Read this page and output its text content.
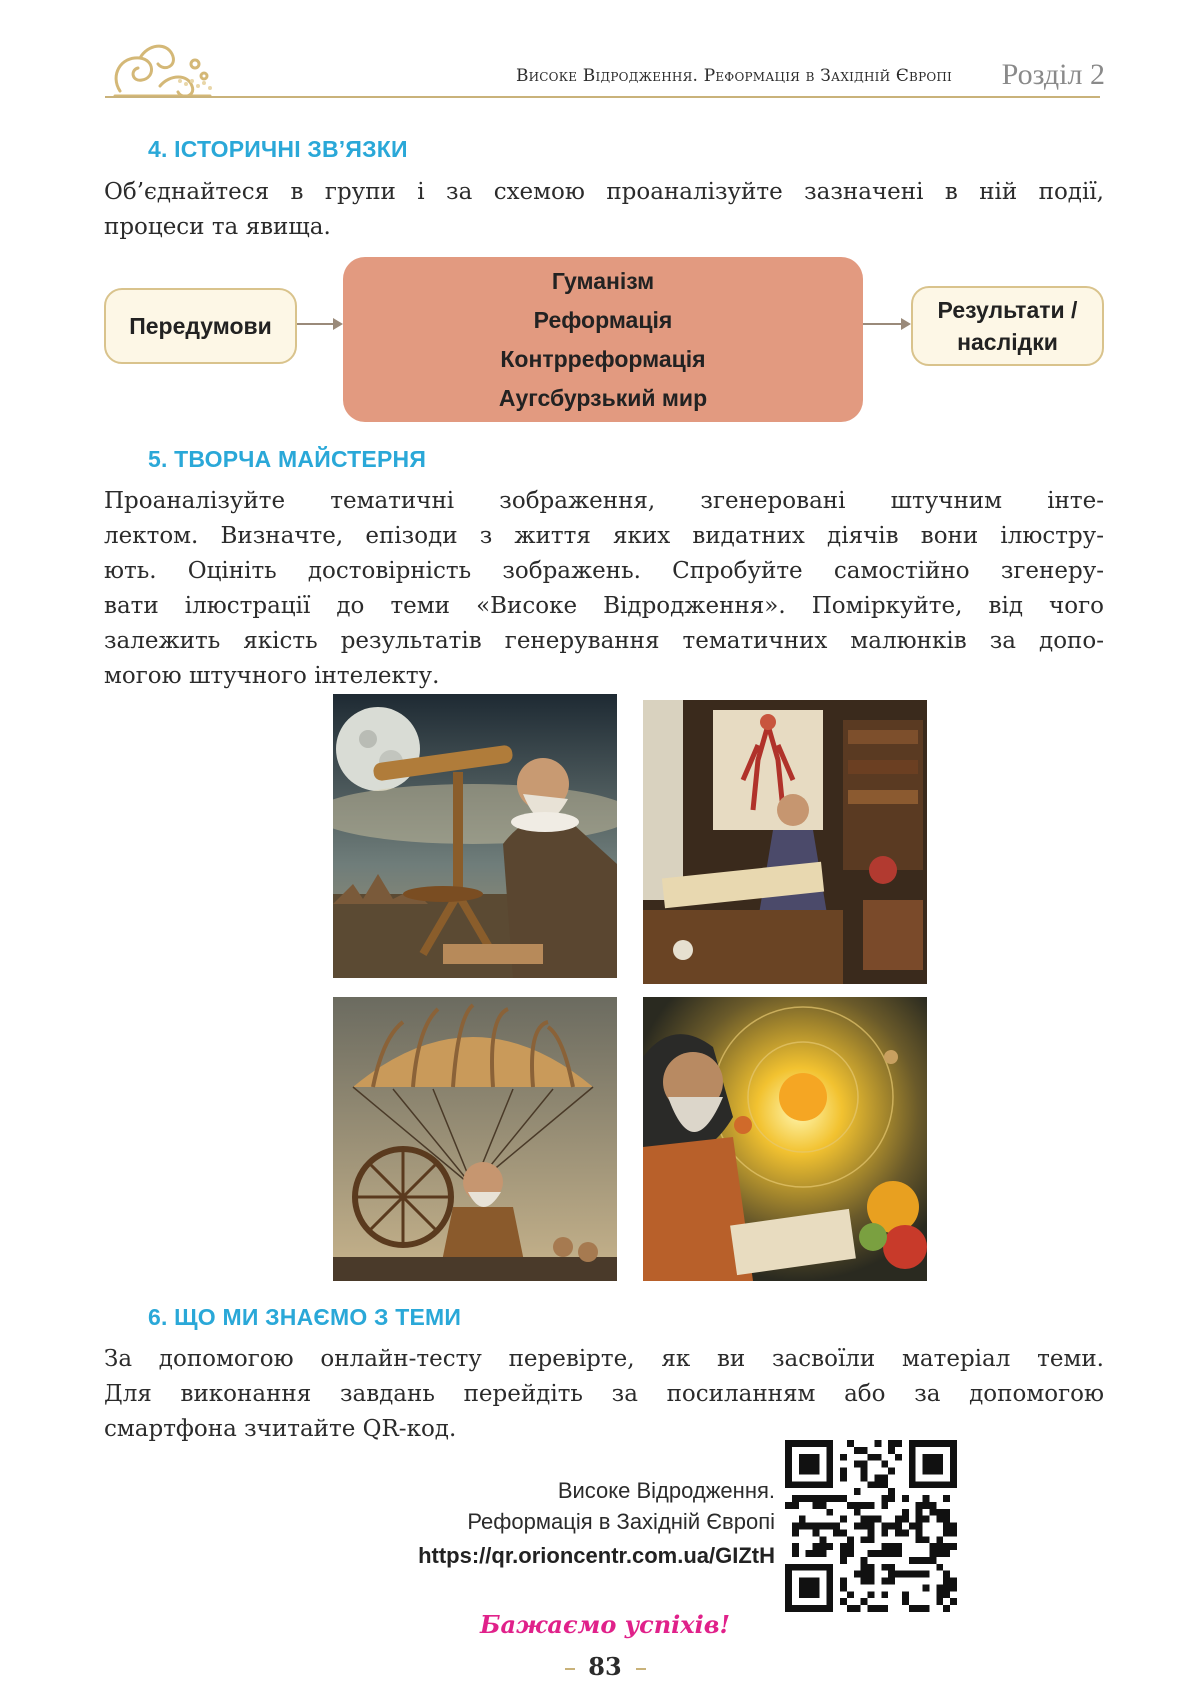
Високе Відродження. Реформація в Західній Європі	Розділ 2
4. ІСТОРИЧНІ ЗВ’ЯЗКИ
Об’єднайтеся в групи і за схемою проаналізуйте зазначені в ній події,
процеси та явища.
Передумови
Гуманізм
Реформація
Контрреформація
Аугсбурзький мир
Результати /
наслідки
5. ТВОРЧА МАЙСТЕРНЯ
Проаналізуйте тематичні зображення, згенеровані штучним інте-
лектом. Визначте, епізоди з життя яких видатних діячів вони ілюстру-
ють. Оцініть достовірність зображень. Спробуйте самостійно згенеру-
вати ілюстрації до теми «Високе Відродження». Поміркуйте, від чого
залежить якість результатів генерування тематичних малюнків за допо-
могою штучного інтелекту.
6. ЩО МИ ЗНАЄМО З ТЕМИ
За допомогою онлайн-тесту перевірте, як ви засвоїли матеріал теми.
Для виконання завдань перейдіть за посиланням або за допомогою
смартфона зчитайте QR-код.
Високе Відродження.
Реформація в Західній Європі
https://qr.orioncentr.com.ua/GIZtH
Бажаємо успіхів!
83
